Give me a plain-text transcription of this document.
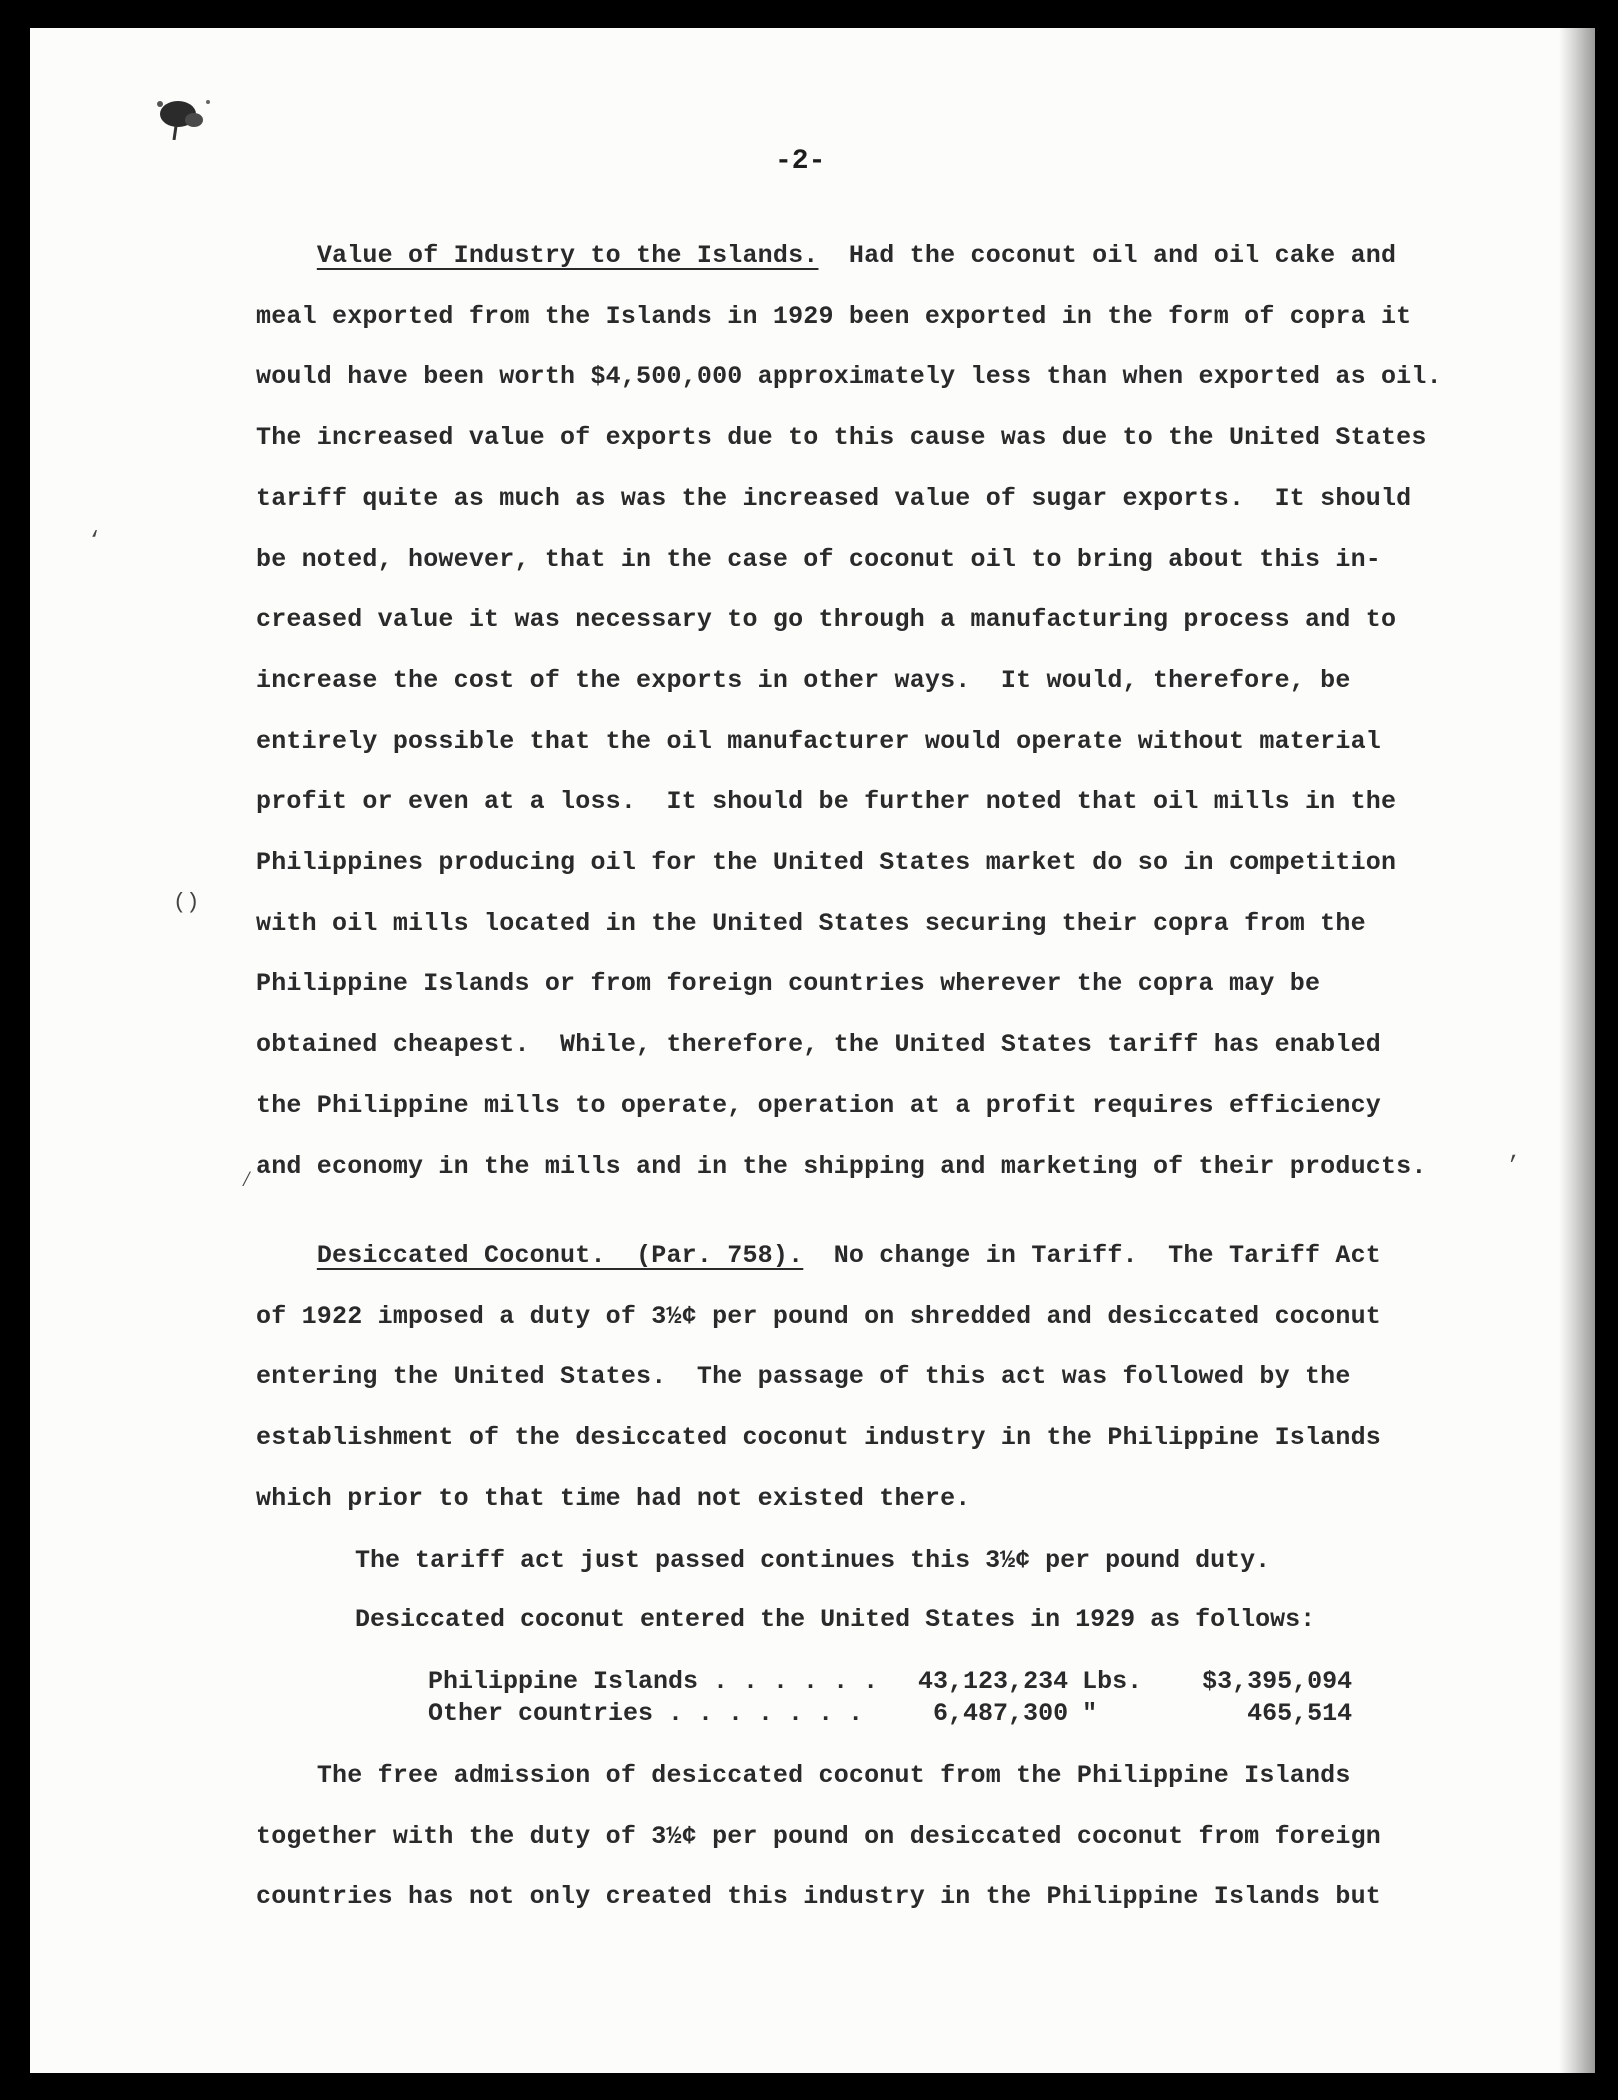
-2-
Value of Industry to the Islands. Had the coconut oil and oil cake and
meal exported from the Islands in 1929 been exported in the form of copra it
would have been worth $4,500,000 approximately less than when exported as oil.
The increased value of exports due to this cause was due to the United States
tariff quite as much as was the increased value of sugar exports.  It should
be noted, however, that in the case of coconut oil to bring about this in-
creased value it was necessary to go through a manufacturing process and to
increase the cost of the exports in other ways.  It would, therefore, be
entirely possible that the oil manufacturer would operate without material
profit or even at a loss.  It should be further noted that oil mills in the
Philippines producing oil for the United States market do so in competition
with oil mills located in the United States securing their copra from the
Philippine Islands or from foreign countries wherever the copra may be
obtained cheapest.  While, therefore, the United States tariff has enabled
the Philippine mills to operate, operation at a profit requires efficiency
and economy in the mills and in the shipping and marketing of their products.
Desiccated Coconut.  (Par. 758). No change in Tariff.  The Tariff Act
of 1922 imposed a duty of 3½¢ per pound on shredded and desiccated coconut
entering the United States.  The passage of this act was followed by the
establishment of the desiccated coconut industry in the Philippine Islands
which prior to that time had not existed there.
The tariff act just passed continues this 3½¢ per pound duty.
Desiccated coconut entered the United States in 1929 as follows:
Philippine Islands . . . . . .	43,123,234	Lbs.	$3,395,094
Other countries . . . . . . .	6,487,300	"	465,514
The free admission of desiccated coconut from the Philippine Islands
together with the duty of 3½¢ per pound on desiccated coconut from foreign
countries has not only created this industry in the Philippine Islands but
‘
()
,
⁄
